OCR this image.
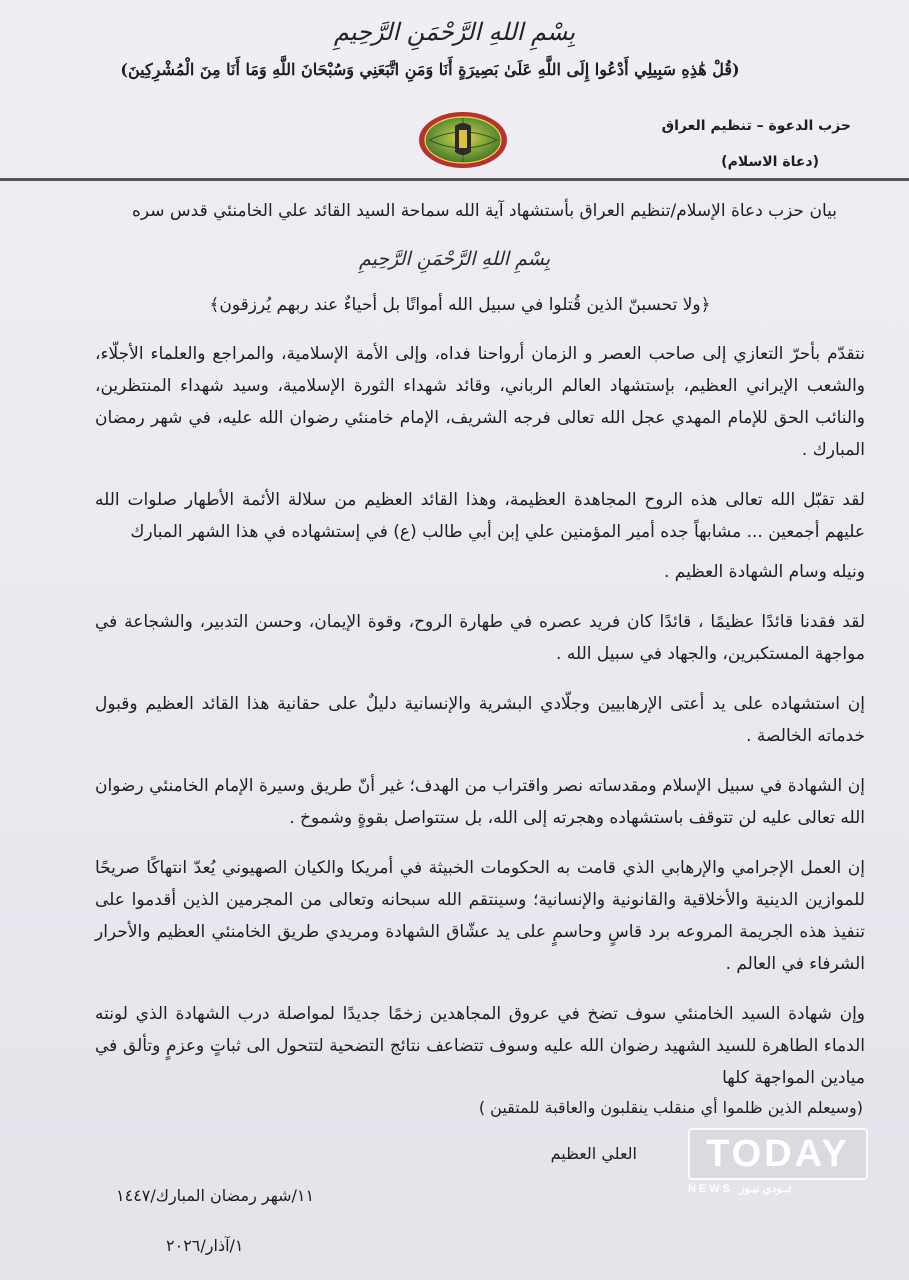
بِسْمِ اللهِ الرَّحْمَنِ الرَّحِيمِ
(قُلْ هَٰذِهِ سَبِيلِي أَدْعُوا إِلَى اللَّهِ عَلَىٰ بَصِيرَةٍ أَنَا وَمَنِ اتَّبَعَنِي وَسُبْحَانَ اللَّهِ وَمَا أَنَا مِنَ الْمُشْرِكِينَ)
حزب الدعوة – تنظيم العراق
(دعاة الاسلام)
بيان حزب دعاة الإسلام/تنظيم العراق بأستشهاد آية الله سماحة السيد القائد علي الخامنئي قدس سره
بِسْمِ اللهِ الرَّحْمَنِ الرَّحِيمِ
﴿ولا تحسبنّ الذين قُتلوا في سبيل الله أمواتًا بل أحياءٌ عند ربهم يُرزقون﴾

نتقدّم بأحرّ التعازي إلى صاحب العصر و الزمان أرواحنا فداه، وإلى الأمة الإسلامية، والمراجع والعلماء الأجلّاء، والشعب الإيراني العظيم، بإستشهاد العالم الرباني، وقائد شهداء الثورة الإسلامية، وسيد شهداء المنتظرين، والنائب الحق للإمام المهدي عجل الله تعالى فرجه الشريف، الإمام خامنئي رضوان الله عليه، في شهر رمضان المبارك .

لقد تقبّل الله تعالى هذه الروح المجاهدة العظيمة، وهذا القائد العظيم من سلالة الأئمة الأطهار صلوات الله عليهم أجمعين ... مشابهاً جده أمير المؤمنين علي إبن أبي طالب (ع) في إستشهاده في هذا الشهر المبارك

ونيله وسام الشهادة العظيم .

لقد فقدنا قائدًا عظيمًا ، قائدًا كان فريد عصره في طهارة الروح، وقوة الإيمان، وحسن التدبير، والشجاعة في مواجهة المستكبرين، والجهاد في سبيل الله .

إن استشهاده على يد أعتى الإرهابيين وجلّادي البشرية والإنسانية دليلٌ على حقانية هذا القائد العظيم وقبول خدماته الخالصة .

إن الشهادة في سبيل الإسلام ومقدساته نصر واقتراب من الهدف؛ غير أنّ طريق وسيرة الإمام الخامنئي رضوان الله تعالى عليه لن تتوقف باستشهاده وهجرته إلى الله، بل ستتواصل بقوةٍ وشموخ .

إن العمل الإجرامي والإرهابي الذي قامت به الحكومات الخبيثة في أمريكا والكيان الصهيوني يُعدّ انتهاكًا صريحًا للموازين الدينية والأخلاقية والقانونية والإنسانية؛ وسينتقم الله سبحانه وتعالى من المجرمين الذين أقدموا على تنفيذ هذه الجريمة المروعه برد قاسٍ وحاسمٍ على يد عشّاق الشهادة ومريدي طريق الخامنئي العظيم والأحرار الشرفاء في العالم .

وإن شهادة السيد الخامنئي سوف تضخ في عروق المجاهدين زخمًا جديدًا لمواصلة درب الشهادة الذي لونته الدماء الطاهرة للسيد الشهيد رضوان الله عليه وسوف تتضاعف نتائج التضحية لتتحول الى ثباتٍ وعزمٍ وتألق في ميادين المواجهة كلها

(وسيعلم الذين ظلموا أي منقلب ينقلبون والعاقبة للمتقين )
العلي العظيم
١١/شهر رمضان المبارك/١٤٤٧
١/آذار/٢٠٢٦
TODAY
NEWS تــودي نيـوز
